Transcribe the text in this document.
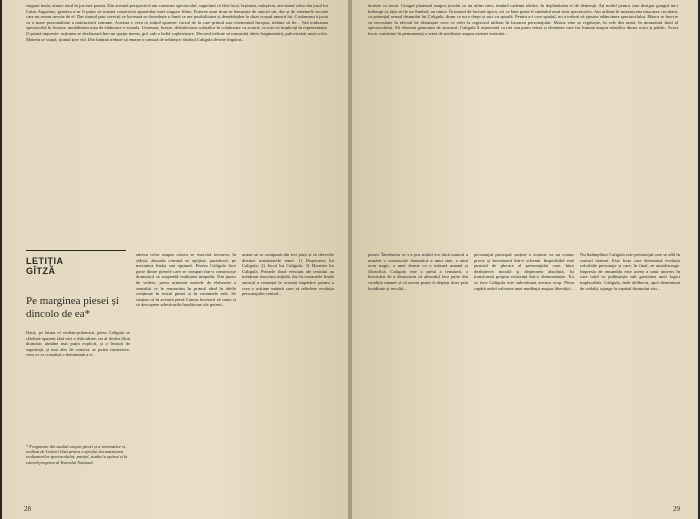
singure hotăr, atunci totul în jur este pustiu. Din această perspectivă am construit spectacolul, sugerând că fără frică, lașitatea, mârșăvia, arivismul celor din jurul lui Caius Augustus, gratiera n-ar fi putut să sustină constrictia aparatului unei singure filme. Puterea unui tiran se însușește de autorii săi, dar și de sistemele sociale care nu aveau nevoie de el. Dar tiranul prin corecții ce lucrează se dovedește o fantă ce are posibilitatea și deznădejdea la chiar scopul muncii lui. Cosâneanu a jucat cu o mare personalitate a mărturisirii comune. Aceasta e ceea ce inițial spusese: lucrul de la care primul sau ceremonial început, trebuia să fie... Vad totdeauna spectacolul în lectura: modalitatea mea de elaborare e vizuala. Urmează, firește, definitivarea soluțiilor în colaborare cu actorii, cu toți cei implicați în reprezentație. O primă impresie: acțiunea se desfășoară într-un spațiu imens, gol, sub o boltă coplesitoare. Decorul trebuie să transmită ideea fragmentării, pulverizării unui colos. Materia se surpă, tiranul ține vid. Din lumină trebuie să emane o ramură de neliniște; tânărul Caligula devine împărat...

LETIȚIA GÎTZĂ
Pe marginea piesei și dincolo de ea*

Dacă, pe latura ei violent-polemică, piesa Caligula se clădește aparent fără nici o dificultate, un al doilea filon dramatic rămâne mai puțin explicit, și o lectură de suprafață, și mai ales de context, ar putea contrazice, ceea ce ar constitui o dominantă a ei.

* Fragmente din studiul asupra piesei și a variantelor ei, realizat de Letiția Gîtză pentru a sprijini documentarea realizatorilor spectacolului; parțial, studiul a apărut și în caietul-program al Teatrului Național.

adresa celor asupra cărora se exercită teroarea, în sfârșit, absurda crimină se sprijină, paradoxal, pe mecanica însăși sau opțiunii. Pentru Caligula face parte dintre piesele care se compun într-o construcție dramatică ce suspendă realitatea timpului. Din punct de vedere, piesa urmează metode de elaborare a sensului ce le remarcăm în primul rând în ideile conținute în textul piesei și în variantele sale. Se susține că în această piesă Camus încearcă să caute și să descopere adevărurile înșelătoare ale puterii...

urmat să se compună din trei părți și să dezvolte distinct următoarele teme: 1) Disperarea lui Caligula; 2) Jocul lui Caligula; 3) Moartea lui Caligula. Primele două versiuni ale textului au menținut structura inițială, dar în variantele finale autorul a renunțat la această împărțire pentru a crea o acțiune unitară care să reliefeze evoluția personajului central...

28

dorește ca eroul. Gongul planează asupra jocului ca un ultim ritm, rimând cadenta ideilor, în deplinătatea ei de demență. Ați mobil pentru care desigur gongul nu-i înderupt ca fapt să fie un Simbol, nu nimic. În teatrul de factură tipică, cei ce bate poate fi simbolul unui sens spectaculos. Am utilizat în mizanscena mișcarea circulară, ca potențial sensul drumului lui Caligula, drum ce nu e drept și nici cu spirală. Pentru a-i crea spațiul, nu a trebuit să ajustez adâncimea spectacolului. Masca se înscrie cu necesitate în efectul de distanțare ceea ce refer la regizorul utilizat în lucrarea personajului. Masca vine se regăsește, în cele din urmă, în momentul final al spectacolului. Alt element generator de structuri: Caligula îl reprezintă cu trei sau patru seturi și elemente care fac lumină asupra relațiilor dintre actor și public. Acest lucru constituie în permanență o temă de meditație asupra esenței teatrului...

piesei. Întrebarea ce s-a pus inițial era dacă autorul a urmărit o construcție dramatică a unui sine, a unui erou tragic, a unei drame cu o măsură umană și filozofică. Caligula este o piesă a tensiunii, a încercării de a demonstra că absurdul face parte din condiția umană și că acesta poate fi depășit doar prin luciditate și revoltă...

personajul principal susține o acțiune cu un contur precis și încremenit într-o schemă. Imposibilul este punctul de plecare al personajului care, între dezbaterea morală și disperarea absolută, își transformă propria existență într-o demonstrație. Tot ce face Caligula este subordonat acestui scop. Piesa capătă astfel valoarea unei meditații asupra libertății...

Nu întâmplător Caligula este personajul care se află în centrul dramei. Este forța care determină evoluția celorlalte personaje și care, în final, se autodistruge. Impresia de ansamblu este aceea a unui univers în care totul se prăbușește sub greutatea unei logici implacabile. Caligula, întâi deliberat, apoi determinat de ceilalți, ajunge la capătul drumului său...

29
